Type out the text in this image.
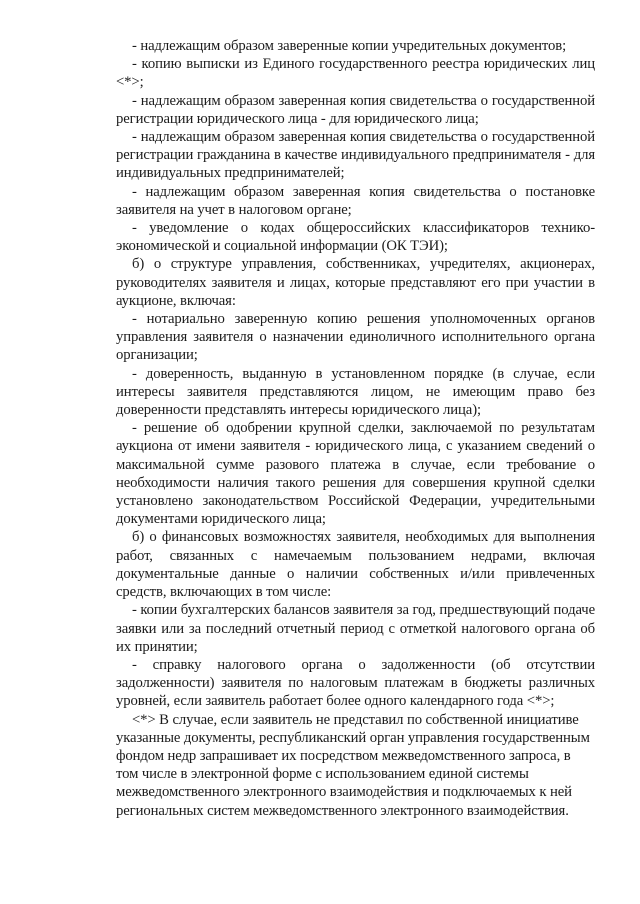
- надлежащим образом заверенные копии учредительных документов;

- копию выписки из Единого государственного реестра юридических лиц <*>;

- надлежащим образом заверенная копия свидетельства о государственной регистрации юридического лица - для юридического лица;

- надлежащим образом заверенная копия свидетельства о государственной регистрации гражданина в качестве индивидуального предпринимателя - для индивидуальных предпринимателей;

- надлежащим образом заверенная копия свидетельства о постановке заявителя на учет в налоговом органе;

- уведомление о кодах общероссийских классификаторов технико-экономической и социальной информации (ОК ТЭИ);

б) о структуре управления, собственниках, учредителях, акционерах, руководителях заявителя и лицах, которые представляют его при участии в аукционе, включая:

- нотариально заверенную копию решения уполномоченных органов управления заявителя о назначении единоличного исполнительного органа организации;

- доверенность, выданную в установленном порядке (в случае, если интересы заявителя представляются лицом, не имеющим право без доверенности представлять интересы юридического лица);

- решение об одобрении крупной сделки, заключаемой по результатам аукциона от имени заявителя - юридического лица, с указанием сведений о максимальной сумме разового платежа в случае, если требование о необходимости наличия такого решения для совершения крупной сделки установлено законодательством Российской Федерации, учредительными документами юридического лица;

б) о финансовых возможностях заявителя, необходимых для выполнения работ, связанных с намечаемым пользованием недрами, включая документальные данные о наличии собственных и/или привлеченных средств, включающих в том числе:

- копии бухгалтерских балансов заявителя за год, предшествующий подаче заявки или за последний отчетный период с отметкой налогового органа об их принятии;

- справку налогового органа о задолженности (об отсутствии задолженности) заявителя по налоговым платежам в бюджеты различных уровней, если заявитель работает более одного календарного года <*>;

<*> В случае, если заявитель не представил по собственной инициативе указанные документы, республиканский орган управления государственным фондом недр запрашивает их посредством межведомственного запроса, в том числе в электронной форме с использованием единой системы межведомственного электронного взаимодействия и подключаемых к ней региональных систем межведомственного электронного взаимодействия.
